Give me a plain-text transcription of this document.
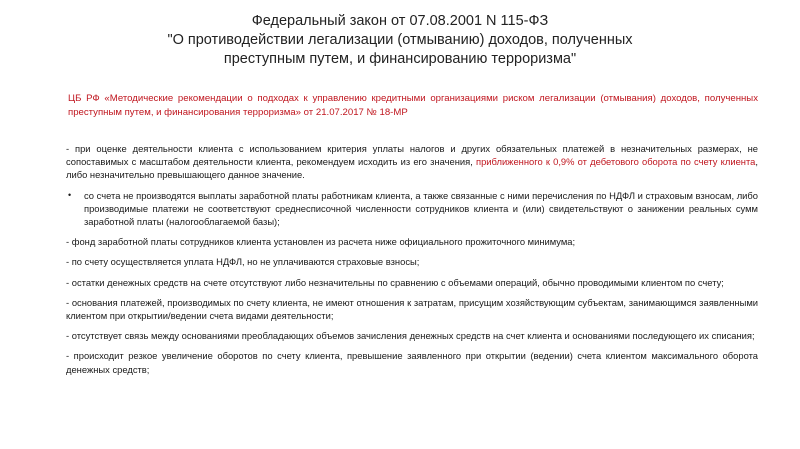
Федеральный закон от 07.08.2001 N 115-ФЗ
"О противодействии легализации (отмыванию) доходов, полученных
преступным путем, и финансированию терроризма"
ЦБ РФ «Методические рекомендации о подходах к управлению кредитными организациями риском легализации (отмывания) доходов, полученных преступным путем, и финансирования терроризма» от 21.07.2017 № 18-МР
- при оценке деятельности клиента с использованием критерия уплаты налогов и других обязательных платежей в незначительных размерах, не сопоставимых с масштабом деятельности клиента, рекомендуем исходить из его значения, приближенного к 0,9% от дебетового оборота по счету клиента, либо незначительно превышающего данное значение.
•	со счета не производятся выплаты заработной платы работникам клиента, а также связанные с ними перечисления по НДФЛ и страховым взносам, либо производимые платежи не соответствуют среднесписочной численности сотрудников клиента и (или) свидетельствуют о занижении реальных сумм заработной платы (налогооблагаемой базы);
- фонд заработной платы сотрудников клиента установлен из расчета ниже официального прожиточного минимума;
- по счету осуществляется уплата НДФЛ, но не уплачиваются страховые взносы;
- остатки денежных средств на счете отсутствуют либо незначительны по сравнению с объемами операций, обычно проводимыми клиентом по счету;
- основания платежей, производимых по счету клиента, не имеют отношения к затратам, присущим хозяйствующим субъектам, занимающимся заявленными клиентом при открытии/ведении счета видами деятельности;
- отсутствует связь между основаниями преобладающих объемов зачисления денежных средств на счет клиента и основаниями последующего их списания;
- происходит резкое увеличение оборотов по счету клиента, превышение заявленного при открытии (ведении) счета клиентом максимального оборота денежных средств;
